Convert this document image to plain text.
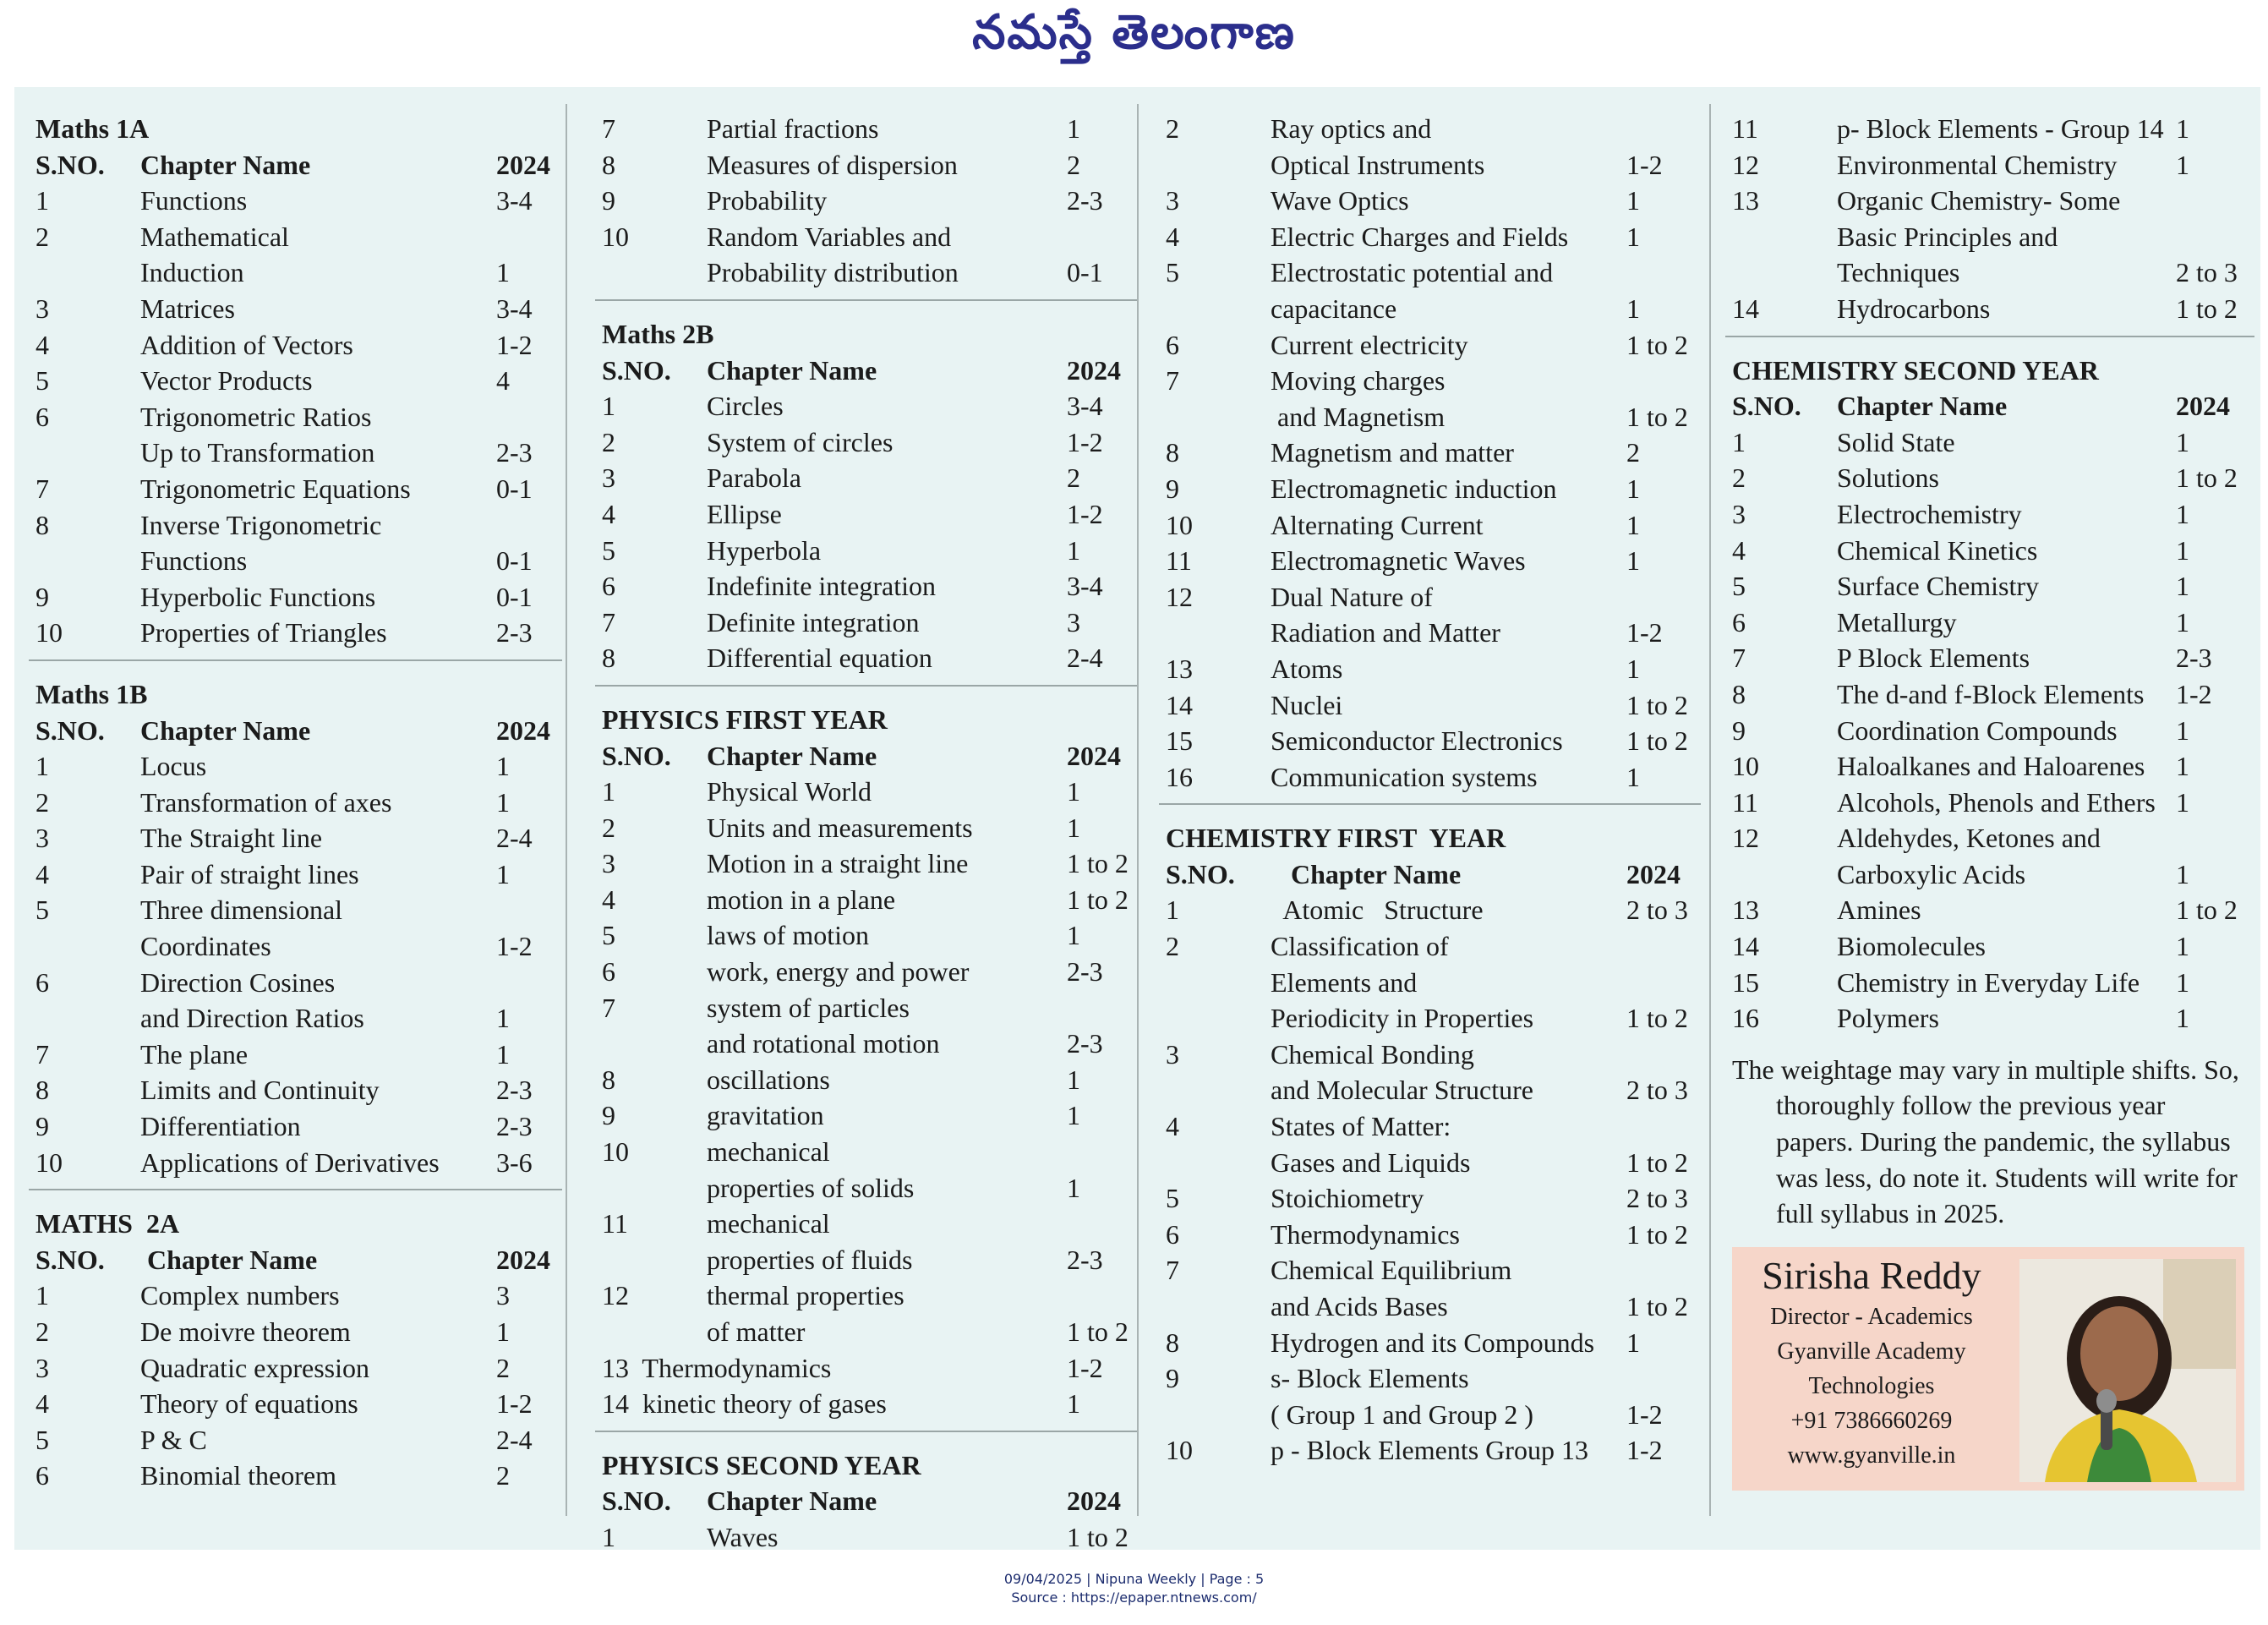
నమస్తే తెలంగాణ
Maths 1A
S.NO.	Chapter Name	2024
1	Functions	3-4
2	Mathematical
Induction	1
3	Matrices	3-4
4	Addition of Vectors	1-2
5	Vector Products	4
6	Trigonometric Ratios
Up to Transformation	2-3
7	Trigonometric Equations	0-1
8	Inverse Trigonometric
Functions	0-1
9	Hyperbolic Functions	0-1
10	Properties of Triangles	2-3
Maths 1B
S.NO.	Chapter Name	2024
1	Locus	1
2	Transformation of axes	1
3	The Straight line	2-4
4	Pair of straight lines	1
5	Three dimensional
Coordinates	1-2
6	Direction Cosines
and Direction Ratios	1
7	The plane	1
8	Limits and Continuity	2-3
9	Differentiation	2-3
10	Applications of Derivatives	3-6
MATHS  2A
S.NO.	Chapter Name	2024
1	Complex numbers	3
2	De moivre theorem	1
3	Quadratic expression	2
4	Theory of equations	1-2
5	P & C	2-4
6	Binomial theorem	2
7	Partial fractions	1
8	Measures of dispersion	2
9	Probability	2-3
10	Random Variables and
Probability distribution	0-1
Maths 2B
S.NO.	Chapter Name	2024
1	Circles	3-4
2	System of circles	1-2
3	Parabola	2
4	Ellipse	1-2
5	Hyperbola	1
6	Indefinite integration	3-4
7	Definite integration	3
8	Differential equation	2-4
PHYSICS FIRST YEAR
S.NO.	Chapter Name	2024
1	Physical World	1
2	Units and measurements	1
3	Motion in a straight line	1 to 2
4	motion in a plane	1 to 2
5	laws of motion	1
6	work, energy and power	2-3
7	system of particles
and rotational motion	2-3
8	oscillations	1
9	gravitation	1
10	mechanical
properties of solids	1
11	mechanical
properties of fluids	2-3
12	thermal properties
of matter	1 to 2
13  Thermodynamics	1-2
14  kinetic theory of gases	1
PHYSICS SECOND YEAR
S.NO.	Chapter Name	2024
1	Waves	1 to 2
2	Ray optics and
Optical Instruments	1-2
3	Wave Optics	1
4	Electric Charges and Fields	1
5	Electrostatic potential and
capacitance	1
6	Current electricity	1 to 2
7	Moving charges
and Magnetism	1 to 2
8	Magnetism and matter	2
9	Electromagnetic induction	1
10	Alternating Current	1
11	Electromagnetic Waves	1
12	Dual Nature of
Radiation and Matter	1-2
13	Atoms	1
14	Nuclei	1 to 2
15	Semiconductor Electronics	1 to 2
16	Communication systems	1
CHEMISTRY FIRST  YEAR
S.NO.	Chapter Name	2024
1	Atomic   Structure	2 to 3
2	Classification of
Elements and
Periodicity in Properties	1 to 2
3	Chemical Bonding
and Molecular Structure	2 to 3
4	States of Matter:
Gases and Liquids	1 to 2
5	Stoichiometry	2 to 3
6	Thermodynamics	1 to 2
7	Chemical Equilibrium
and Acids Bases	1 to 2
8	Hydrogen and its Compounds	1
9	s- Block Elements
( Group 1 and Group 2 )	1-2
10	p - Block Elements Group 13	1-2
11	p- Block Elements - Group 14 1
12	Environmental Chemistry	1
13	Organic Chemistry- Some
Basic Principles and
Techniques	2 to 3
14	Hydrocarbons	1 to 2
CHEMISTRY SECOND YEAR
S.NO.	Chapter Name	2024
1	Solid State	1
2	Solutions	1 to 2
3	Electrochemistry	1
4	Chemical Kinetics	1
5	Surface Chemistry	1
6	Metallurgy	1
7	P Block Elements	2-3
8	The d-and f-Block Elements	1-2
9	Coordination Compounds	1
10	Haloalkanes and Haloarenes	1
11	Alcohols, Phenols and Ethers 1
12	Aldehydes, Ketones and
Carboxylic Acids	1
13	Amines	1 to 2
14	Biomolecules	1
15	Chemistry in Everyday Life	1
16	Polymers	1
The weightage may vary in multiple shifts. So, thoroughly follow the previous year papers. During the pandemic, the syllabus was less, do note it. Students will write for full syllabus in 2025.
Sirisha Reddy
Director - Academics
Gyanville Academy
Technologies
+91 7386660269
www.gyanville.in
09/04/2025 | Nipuna Weekly | Page : 5
Source : https://epaper.ntnews.com/
